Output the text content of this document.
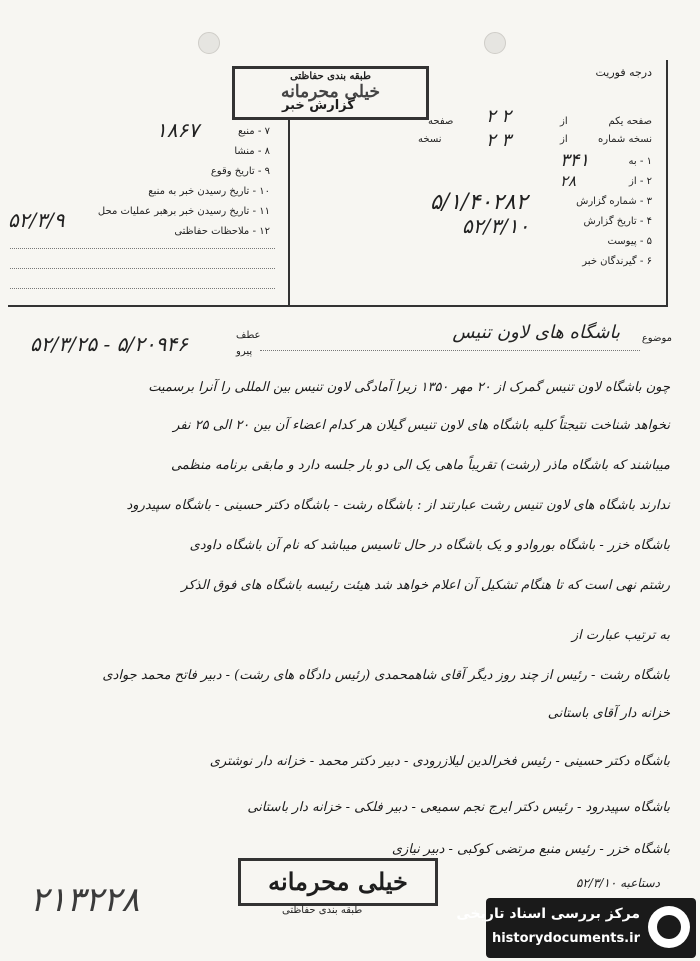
درجه فوریت
طبقه بندی حفاظتی
خیلی محرمانه
گزارش خبر
صفحه یکم
نسخه شماره
از
صفحه
از
نسخه
۲ ۲
۲ ۳
۷ - منبع
۸ - منشا
۹ - تاریخ وقوع
۱۰ - تاریخ رسیدن خبر به منبع
۱۱ - تاریخ رسیدن خبر برهبر عملیات محل
۱۲ - ملاحظات حفاظتی
۱۸۶۷
۵۲/۳/۹
۱ - به
۲ - از
۳ - شماره گزارش
۴ - تاریخ گزارش
۵ - پیوست
۶ - گیرندگان خبر
۳۴۱
۲۸
۵/۱/۴۰۲۸۲
۵۲/۳/۱۰
عطف
پیرو
۵۲/۳/۲۵ - ۵/۲۰۹۴۶	موضوع
باشگاه های لاون تنیس
چون باشگاه لاون تنیس گمرک از ۲۰ مهر ۱۳۵۰ زیرا آمادگی لاون تنیس بین المللی را آنرا برسمیت
نخواهد شناخت نتیجتاً کلیه باشگاه های لاون تنیس گیلان هر کدام اعضاء آن بین ۲۰ الی ۲۵ نفر
میباشند که باشگاه ماذر (رشت) تقریباً ماهی یک الی دو بار جلسه دارد و مابقی برنامه منظمی
ندارند باشگاه های لاون تنیس رشت عبارتند از : باشگاه رشت - باشگاه دکتر حسینی - باشگاه سپیدرود
باشگاه خزر - باشگاه بوروادو و یک باشگاه در حال تاسیس میباشد که نام آن باشگاه داودی
رشتم نهی است که تا هنگام تشکیل آن اعلام خواهد شد هیئت رئیسه باشگاه های فوق الذکر
به ترتیب عبارت از
باشگاه رشت - رئیس از چند روز دیگر آقای شاهمحمدی (رئیس دادگاه های رشت) - دبیر فاتح محمد جوادی
خزانه دار آقای باستانی
باشگاه دکتر حسینی - رئیس فخرالدین لیلازرودی - دبیر دکتر محمد - خزانه دار نوشتری
باشگاه سپیدرود - رئیس دکتر ایرج نجم سمیعی - دبیر فلکی - خزانه دار باستانی
باشگاه خزر - رئیس منبع مرتضی کوکبی - دبیر نیازی
خیلی محرمانه
طبقه بندی حفاظتی
دستاعبه ۵۲/۳/۱۰
۲۱۳۲۲۸	مرکز بررسی اسناد تاریخی
historydocuments.ir
